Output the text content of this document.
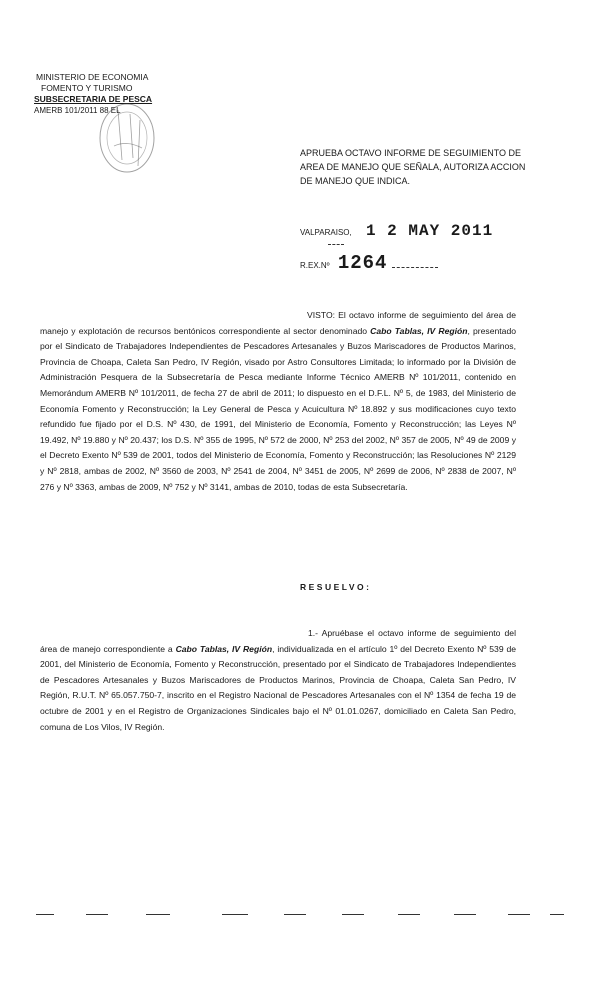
MINISTERIO DE ECONOMIA
FOMENTO Y TURISMO
SUBSECRETARIA DE PESCA
AMERB 101/2011 88 EL
APRUEBA OCTAVO INFORME DE SEGUIMIENTO DE AREA DE MANEJO QUE SEÑALA, AUTORIZA ACCION DE MANEJO QUE INDICA.
VALPARAISO, 1 2 MAY 2011
R.EX.Nº 1264

VISTO: El octavo informe de seguimiento del área de manejo y explotación de recursos bentónicos correspondiente al sector denominado Cabo Tablas, IV Región, presentado por el Sindicato de Trabajadores Independientes de Pescadores Artesanales y Buzos Mariscadores de Productos Marinos, Provincia de Choapa, Caleta San Pedro, IV Región, visado por Astro Consultores Limitada; lo informado por la División de Administración Pesquera de la Subsecretaría de Pesca mediante Informe Técnico AMERB Nº 101/2011, contenido en Memorándum AMERB Nº 101/2011, de fecha 27 de abril de 2011; lo dispuesto en el D.F.L. Nº 5, de 1983, del Ministerio de Economía Fomento y Reconstrucción; la Ley General de Pesca y Acuicultura Nº 18.892 y sus modificaciones cuyo texto refundido fue fijado por el D.S. Nº 430, de 1991, del Ministerio de Economía, Fomento y Reconstrucción; las Leyes Nº 19.492, Nº 19.880 y Nº 20.437; los D.S. Nº 355 de 1995, Nº 572 de 2000, Nº 253 del 2002, Nº 357 de 2005, Nº 49 de 2009 y el Decreto Exento Nº 539 de 2001, todos del Ministerio de Economía, Fomento y Reconstrucción; las Resoluciones Nº 2129 y Nº 2818, ambas de 2002, Nº 3560 de 2003, Nº 2541 de 2004, Nº 3451 de 2005, Nº 2699 de 2006, Nº 2838 de 2007, Nº 276 y Nº 3363, ambas de 2009, Nº 752 y Nº 3141, ambas de 2010, todas de esta Subsecretaría.

RESUELVO:

1.- Apruébase el octavo informe de seguimiento del área de manejo correspondiente a Cabo Tablas, IV Región, individualizada en el artículo 1º del Decreto Exento Nº 539 de 2001, del Ministerio de Economía, Fomento y Reconstrucción, presentado por el Sindicato de Trabajadores Independientes de Pescadores Artesanales y Buzos Mariscadores de Productos Marinos, Provincia de Choapa, Caleta San Pedro, IV Región, R.U.T. Nº 65.057.750-7, inscrito en el Registro Nacional de Pescadores Artesanales con el Nº 1354 de fecha 19 de octubre de 2001 y en el Registro de Organizaciones Sindicales bajo el Nº 01.01.0267, domiciliado en Caleta San Pedro, comuna de Los Vilos, IV Región.
